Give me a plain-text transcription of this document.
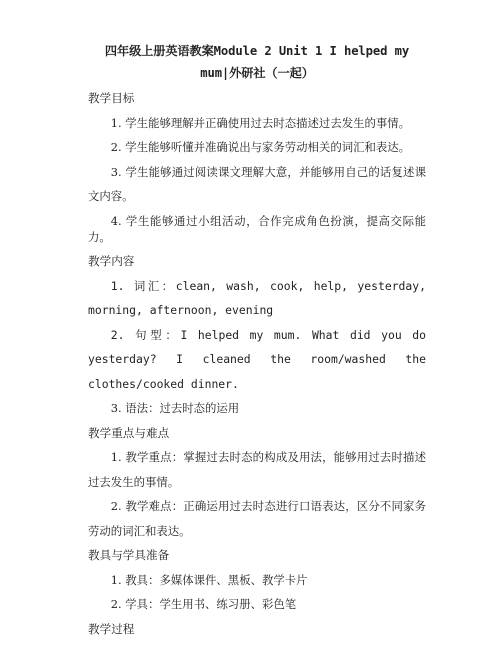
四年级上册英语教案Module 2 Unit 1 I helped my mum|外研社（一起）
教学目标
1. 学生能够理解并正确使用过去时态描述过去发生的事情。
2. 学生能够听懂并准确说出与家务劳动相关的词汇和表达。
3. 学生能够通过阅读课文理解大意，并能够用自己的话复述课文内容。
4. 学生能够通过小组活动，合作完成角色扮演，提高交际能力。
教学内容
1. 词汇：clean, wash, cook, help, yesterday, morning, afternoon, evening
2. 句型：I helped my mum. What did you do yesterday? I cleaned the room/washed the clothes/cooked dinner.
3. 语法：过去时态的运用
教学重点与难点
1. 教学重点：掌握过去时态的构成及用法，能够用过去时描述过去发生的事情。
2. 教学难点：正确运用过去时态进行口语表达，区分不同家务劳动的词汇和表达。
教具与学具准备
1. 教具：多媒体课件、黑板、教学卡片
2. 学具：学生用书、练习册、彩色笔
教学过程
